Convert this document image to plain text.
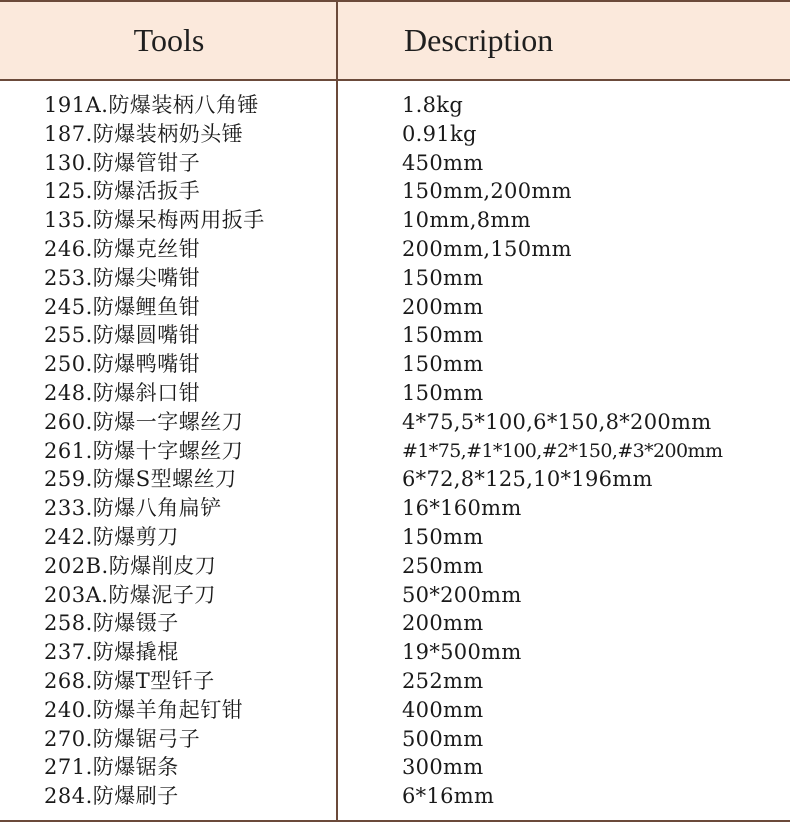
Tools	Description
191A.防爆装柄八角锤	1.8kg
187.防爆装柄奶头锤	0.91kg
130.防爆管钳子	450mm
125.防爆活扳手	150mm,200mm
135.防爆呆梅两用扳手	10mm,8mm
246.防爆克丝钳	200mm,150mm
253.防爆尖嘴钳	150mm
245.防爆鲤鱼钳	200mm
255.防爆圆嘴钳	150mm
250.防爆鸭嘴钳	150mm
248.防爆斜口钳	150mm
260.防爆一字螺丝刀	4*75,5*100,6*150,8*200mm
261.防爆十字螺丝刀	#1*75,#1*100,#2*150,#3*200mm
259.防爆S型螺丝刀	6*72,8*125,10*196mm
233.防爆八角扁铲	16*160mm
242.防爆剪刀	150mm
202B.防爆削皮刀	250mm
203A.防爆泥子刀	50*200mm
258.防爆镊子	200mm
237.防爆撬棍	19*500mm
268.防爆T型钎子	252mm
240.防爆羊角起钉钳	400mm
270.防爆锯弓子	500mm
271.防爆锯条	300mm
284.防爆刷子	6*16mm
